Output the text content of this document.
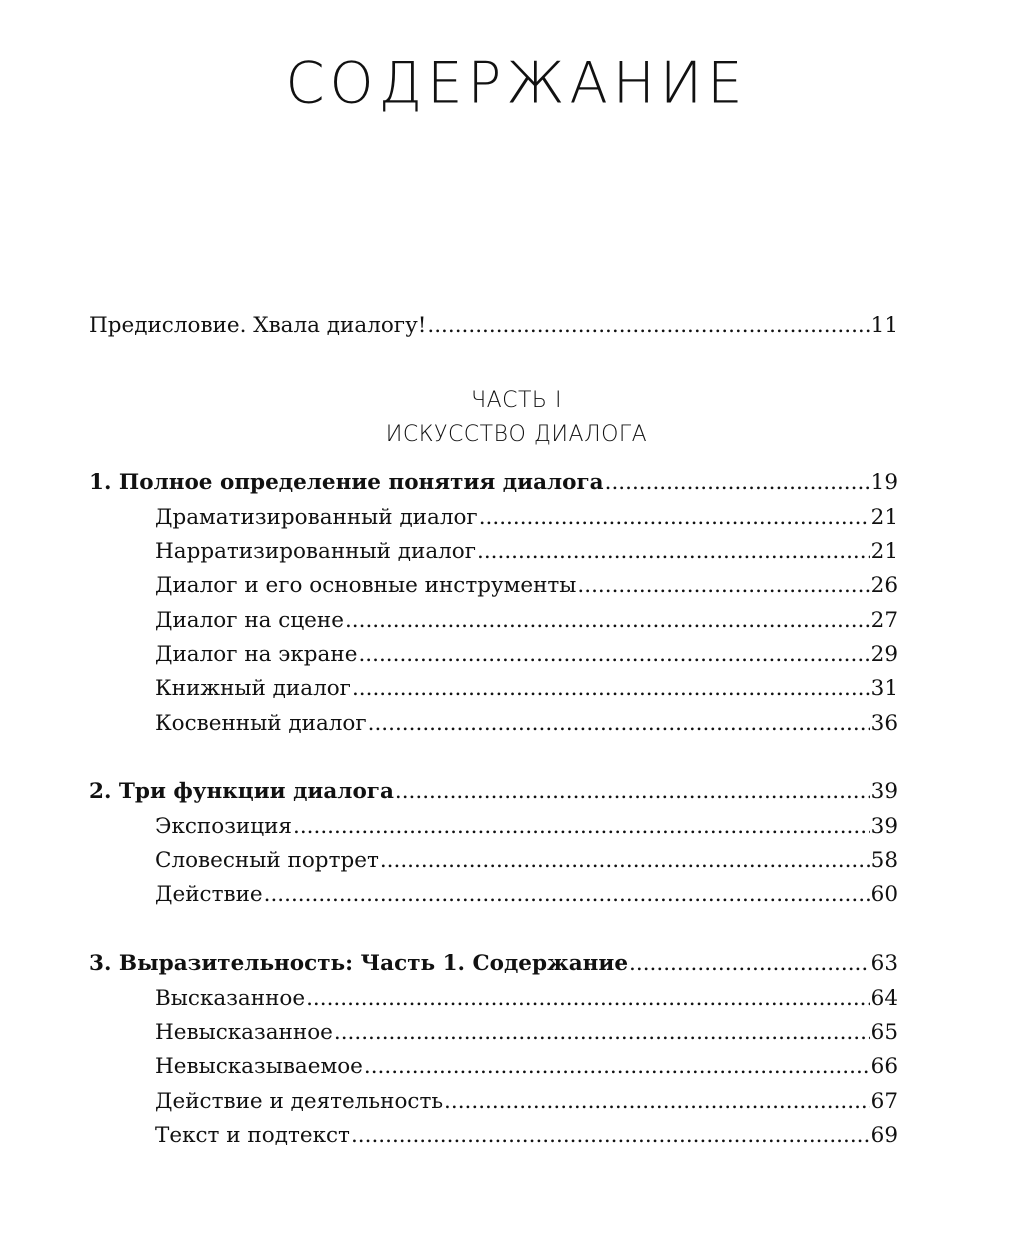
СОДЕРЖАНИЕ
Предисловие. Хвала диалогу! .....	11
ЧАСТЬ I
ИСКУССТВО ДИАЛОГА
1. Полное определение понятия диалога .....	19
Драматизированный диалог .....	21
Нарратизированный диалог .....	21
Диалог и его основные инструменты .....	26
Диалог на сцене .....	27
Диалог на экране .....	29
Книжный диалог .....	31
Косвенный диалог .....	36
2. Три функции диалога .....	39
Экспозиция .....	39
Словесный портрет .....	58
Действие .....	60
3. Выразительность: Часть 1. Содержание .....	63
Высказанное .....	64
Невысказанное .....	65
Невысказываемое .....	66
Действие и деятельность .....	67
Текст и подтекст .....	69
